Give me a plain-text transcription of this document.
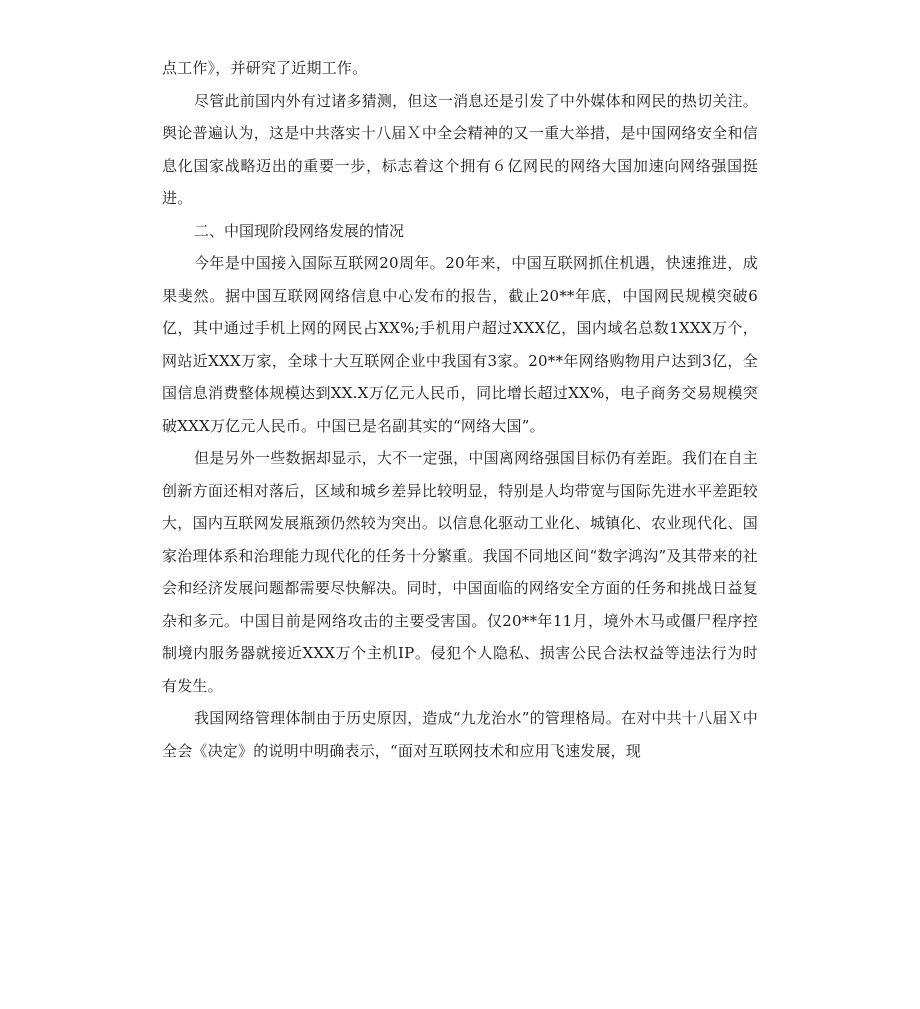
点工作》，并研究了近期工作。

尽管此前国内外有过诸多猜测，但这一消息还是引发了中外媒体和网民的热切关注。舆论普遍认为，这是中共落实十八届Ｘ中全会精神的又一重大举措，是中国网络安全和信息化国家战略迈出的重要一步，标志着这个拥有６亿网民的网络大国加速向网络强国挺进。

二、中国现阶段网络发展的情况

今年是中国接入国际互联网20周年。20年来，中国互联网抓住机遇，快速推进，成果斐然。据中国互联网网络信息中心发布的报告，截止20**年底，中国网民规模突破6亿，其中通过手机上网的网民占XX%;手机用户超过XXX亿，国内域名总数1XXX万个，网站近XXX万家，全球十大互联网企业中我国有3家。20**年网络购物用户达到3亿，全国信息消费整体规模达到XX.X万亿元人民币，同比增长超过XX%，电子商务交易规模突破XXX万亿元人民币。中国已是名副其实的“网络大国”。

但是另外一些数据却显示，大不一定强，中国离网络强国目标仍有差距。我们在自主创新方面还相对落后，区域和城乡差异比较明显，特别是人均带宽与国际先进水平差距较大，国内互联网发展瓶颈仍然较为突出。以信息化驱动工业化、城镇化、农业现代化、国家治理体系和治理能力现代化的任务十分繁重。我国不同地区间“数字鸿沟”及其带来的社会和经济发展问题都需要尽快解决。同时，中国面临的网络安全方面的任务和挑战日益复杂和多元。中国目前是网络攻击的主要受害国。仅20**年11月，境外木马或僵尸程序控制境内服务器就接近XXX万个主机IP。侵犯个人隐私、损害公民合法权益等违法行为时有发生。

我国网络管理体制由于历史原因，造成“九龙治水”的管理格局。在对中共十八届Ｘ中全会《决定》的说明中明确表示，“面对互联网技术和应用飞速发展，现
